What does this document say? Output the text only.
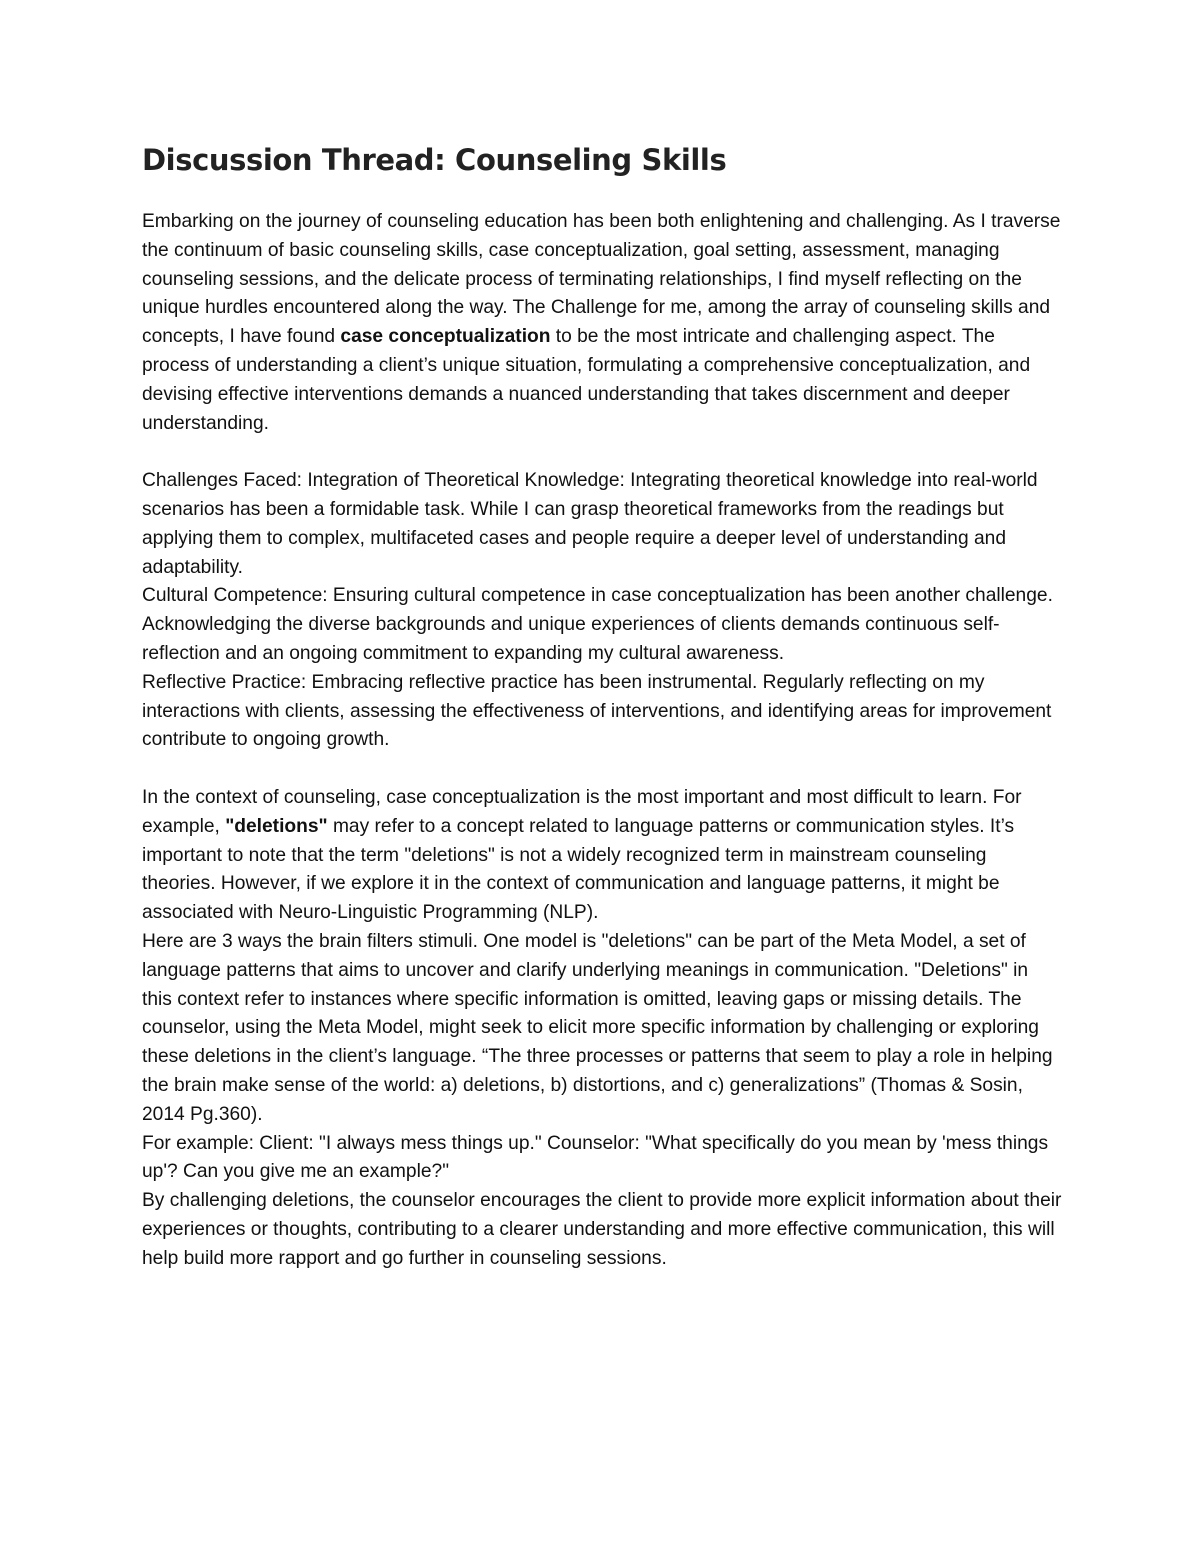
Discussion Thread: Counseling Skills

Embarking on the journey of counseling education has been both enlightening and challenging. As I traverse the continuum of basic counseling skills, case conceptualization, goal setting, assessment, managing counseling sessions, and the delicate process of terminating relationships, I find myself reflecting on the unique hurdles encountered along the way. The Challenge for me, among the array of counseling skills and concepts, I have found case conceptualization to be the most intricate and challenging aspect. The process of understanding a client’s unique situation, formulating a comprehensive conceptualization, and devising effective interventions demands a nuanced understanding that takes discernment and deeper understanding.

Challenges Faced: Integration of Theoretical Knowledge: Integrating theoretical knowledge into real-world scenarios has been a formidable task. While I can grasp theoretical frameworks from the readings but applying them to complex, multifaceted cases and people require a deeper level of understanding and adaptability.

Cultural Competence: Ensuring cultural competence in case conceptualization has been another challenge. Acknowledging the diverse backgrounds and unique experiences of clients demands continuous self-reflection and an ongoing commitment to expanding my cultural awareness.

Reflective Practice: Embracing reflective practice has been instrumental. Regularly reflecting on my interactions with clients, assessing the effectiveness of interventions, and identifying areas for improvement contribute to ongoing growth.

In the context of counseling, case conceptualization is the most important and most difficult to learn. For example, "deletions" may refer to a concept related to language patterns or communication styles. It’s important to note that the term "deletions" is not a widely recognized term in mainstream counseling theories. However, if we explore it in the context of communication and language patterns, it might be associated with Neuro-Linguistic Programming (NLP).

Here are 3 ways the brain filters stimuli. One model is "deletions" can be part of the Meta Model, a set of language patterns that aims to uncover and clarify underlying meanings in communication. "Deletions" in this context refer to instances where specific information is omitted, leaving gaps or missing details. The counselor, using the Meta Model, might seek to elicit more specific information by challenging or exploring these deletions in the client’s language. “The three processes or patterns that seem to play a role in helping the brain make sense of the world: a) deletions, b) distortions, and c) generalizations” (Thomas & Sosin, 2014 Pg.360).

For example: Client: "I always mess things up." Counselor: "What specifically do you mean by 'mess things up'? Can you give me an example?"

By challenging deletions, the counselor encourages the client to provide more explicit information about their experiences or thoughts, contributing to a clearer understanding and more effective communication, this will help build more rapport and go further in counseling sessions.
